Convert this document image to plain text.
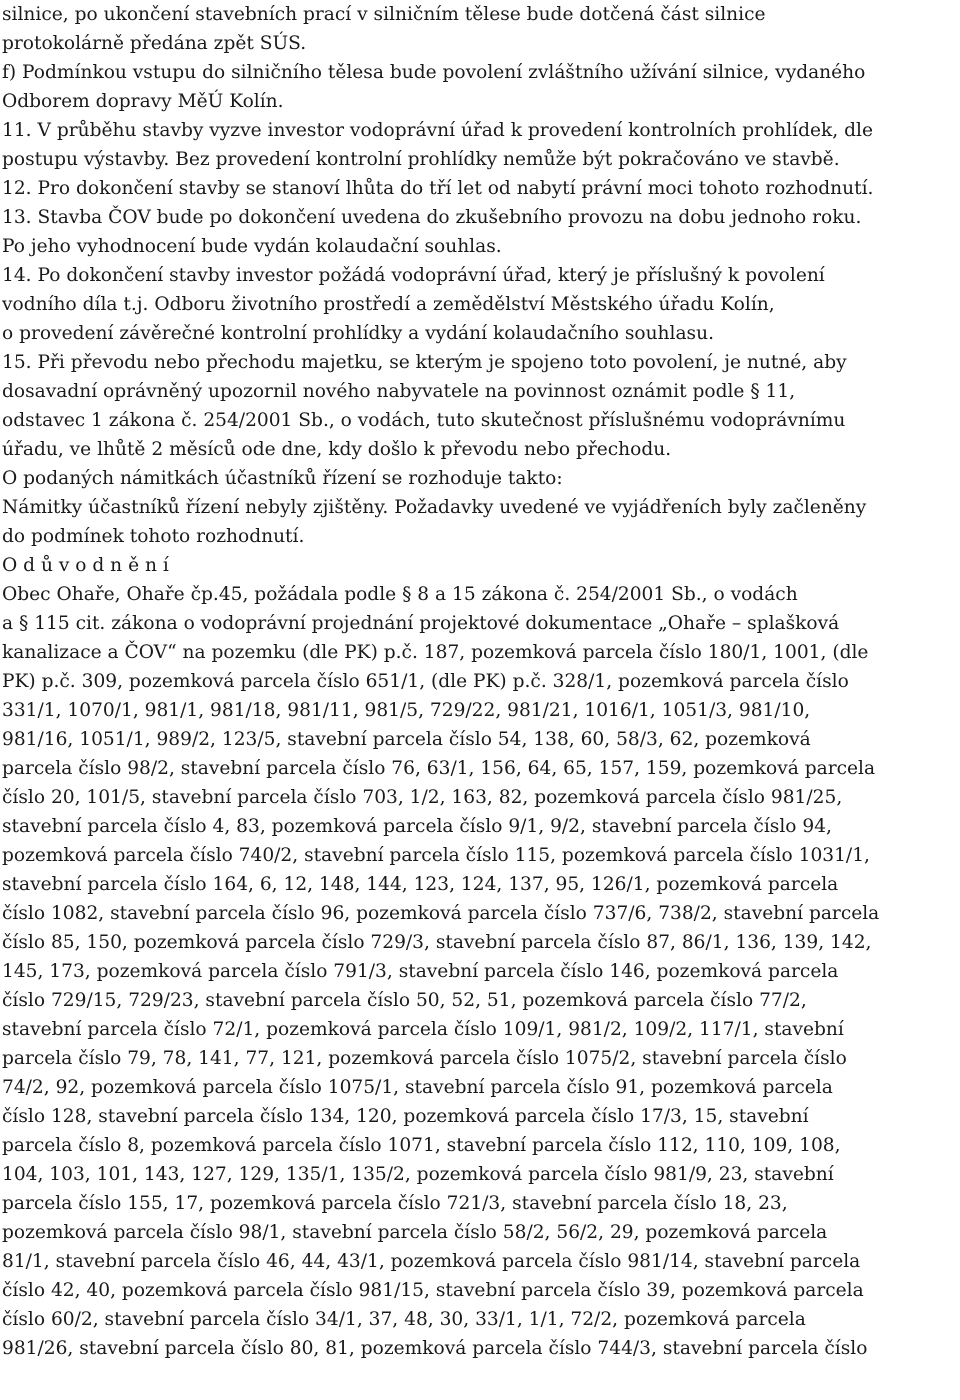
silnice, po ukončení stavebních prací v silničním tělese bude dotčená část silnice

protokolárně předána zpět SÚS.

f) Podmínkou vstupu do silničního tělesa bude povolení zvláštního užívání silnice, vydaného

Odborem dopravy MěÚ Kolín.

11. V průběhu stavby vyzve investor vodoprávní úřad k provedení kontrolních prohlídek, dle

postupu výstavby. Bez provedení kontrolní prohlídky nemůže být pokračováno ve stavbě.

12. Pro dokončení stavby se stanoví lhůta do tří let od nabytí právní moci tohoto rozhodnutí.

13. Stavba ČOV bude po dokončení uvedena do zkušebního provozu na dobu jednoho roku.

Po jeho vyhodnocení bude vydán kolaudační souhlas.

14. Po dokončení stavby investor požádá vodoprávní úřad, který je příslušný k povolení

vodního díla t.j. Odboru životního prostředí a zemědělství Městského úřadu Kolín,

o provedení závěrečné kontrolní prohlídky a vydání kolaudačního souhlasu.

15. Při převodu nebo přechodu majetku, se kterým je spojeno toto povolení, je nutné, aby

dosavadní oprávněný upozornil nového nabyvatele na povinnost oznámit podle § 11,

odstavec 1 zákona č. 254/2001 Sb., o vodách, tuto skutečnost příslušnému vodoprávnímu

úřadu, ve lhůtě 2 měsíců ode dne, kdy došlo k převodu nebo přechodu.

O podaných námitkách účastníků řízení se rozhoduje takto:

Námitky účastníků řízení nebyly zjištěny. Požadavky uvedené ve vyjádřeních byly začleněny

do podmínek tohoto rozhodnutí.

O d ů v o d n ě n í

Obec Ohaře, Ohaře čp.45, požádala podle § 8 a 15 zákona č. 254/2001 Sb., o vodách

a § 115 cit. zákona o vodoprávní projednání projektové dokumentace „Ohaře – splašková

kanalizace a ČOV“ na pozemku (dle PK) p.č. 187, pozemková parcela číslo 180/1, 1001, (dle

PK) p.č. 309, pozemková parcela číslo 651/1, (dle PK) p.č. 328/1, pozemková parcela číslo

331/1, 1070/1, 981/1, 981/18, 981/11, 981/5, 729/22, 981/21, 1016/1, 1051/3, 981/10,

981/16, 1051/1, 989/2, 123/5, stavební parcela číslo 54, 138, 60, 58/3, 62, pozemková

parcela číslo 98/2, stavební parcela číslo 76, 63/1, 156, 64, 65, 157, 159, pozemková parcela

číslo 20, 101/5, stavební parcela číslo 703, 1/2, 163, 82, pozemková parcela číslo 981/25,

stavební parcela číslo 4, 83, pozemková parcela číslo 9/1, 9/2, stavební parcela číslo 94,

pozemková parcela číslo 740/2, stavební parcela číslo 115, pozemková parcela číslo 1031/1,

stavební parcela číslo 164, 6, 12, 148, 144, 123, 124, 137, 95, 126/1, pozemková parcela

číslo 1082, stavební parcela číslo 96, pozemková parcela číslo 737/6, 738/2, stavební parcela

číslo 85, 150, pozemková parcela číslo 729/3, stavební parcela číslo 87, 86/1, 136, 139, 142,

145, 173, pozemková parcela číslo 791/3, stavební parcela číslo 146, pozemková parcela

číslo 729/15, 729/23, stavební parcela číslo 50, 52, 51, pozemková parcela číslo 77/2,

stavební parcela číslo 72/1, pozemková parcela číslo 109/1, 981/2, 109/2, 117/1, stavební

parcela číslo 79, 78, 141, 77, 121, pozemková parcela číslo 1075/2, stavební parcela číslo

74/2, 92, pozemková parcela číslo 1075/1, stavební parcela číslo 91, pozemková parcela

číslo 128, stavební parcela číslo 134, 120, pozemková parcela číslo 17/3, 15, stavební

parcela číslo 8, pozemková parcela číslo 1071, stavební parcela číslo 112, 110, 109, 108,

104, 103, 101, 143, 127, 129, 135/1, 135/2, pozemková parcela číslo 981/9, 23, stavební

parcela číslo 155, 17, pozemková parcela číslo 721/3, stavební parcela číslo 18, 23,

pozemková parcela číslo 98/1, stavební parcela číslo 58/2, 56/2, 29, pozemková parcela

81/1, stavební parcela číslo 46, 44, 43/1, pozemková parcela číslo 981/14, stavební parcela

číslo 42, 40, pozemková parcela číslo 981/15, stavební parcela číslo 39, pozemková parcela

číslo 60/2, stavební parcela číslo 34/1, 37, 48, 30, 33/1, 1/1, 72/2, pozemková parcela

981/26, stavební parcela číslo 80, 81, pozemková parcela číslo 744/3, stavební parcela číslo
